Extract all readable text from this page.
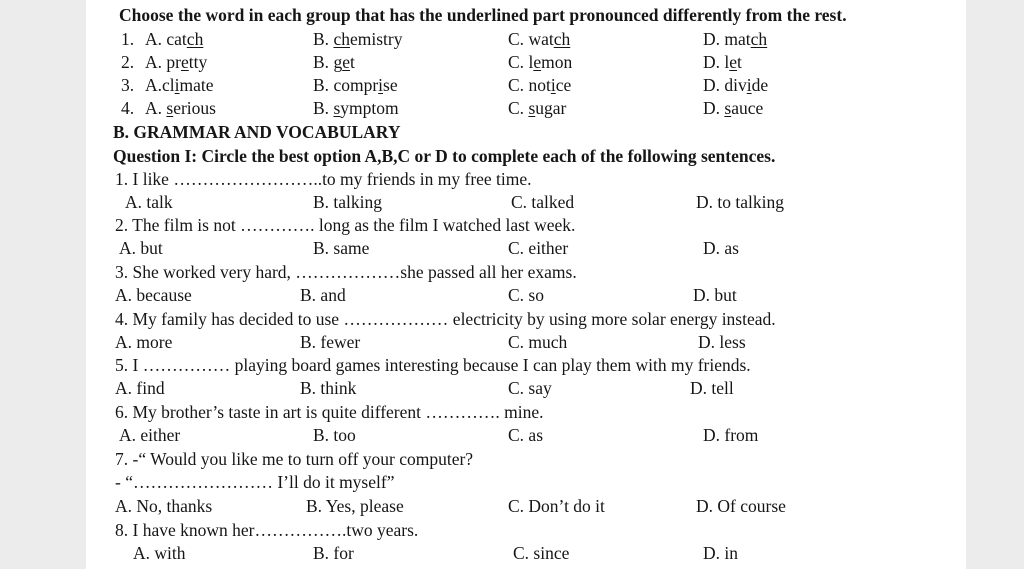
Choose the word in each group that has the underlined part pronounced differently from the rest.
1. A. catch	B. chemistry	C. watch	D. match
2. A. pretty	B. get	C. lemon	D. let
3. A.climate	B. comprise	C. notice	D. divide
4. A. serious	B. symptom	C. sugar	D. sauce
B. GRAMMAR AND VOCABULARY
Question I: Circle the best option A,B,C or D to complete each of the following sentences.
1. I like ……………………..to my friends in my free time.
A. talk	B. talking	C. talked	D. to talking
2. The film is not …………. long as the film I watched last week.
A. but	B. same	C. either	D. as
3. She worked very hard, ………………she passed all her exams.
A. because	B. and	C. so	D. but
4. My family has decided to use ……………… electricity by using more solar energy instead.
A. more	B. fewer	C. much	D. less
5. I …………… playing board games interesting because I can play them with my friends.
A. find	B. think	C. say	D. tell
6. My brother’s taste in art is quite different …………. mine.
A. either	B. too	C. as	D. from
7. -“ Would you like me to turn off your computer?
- “…………………… I’ll do it myself”
A. No, thanks	B. Yes, please	C. Don’t do it	D. Of course
8. I have known her…………….two years.
A. with	B. for	C. since	D. in
